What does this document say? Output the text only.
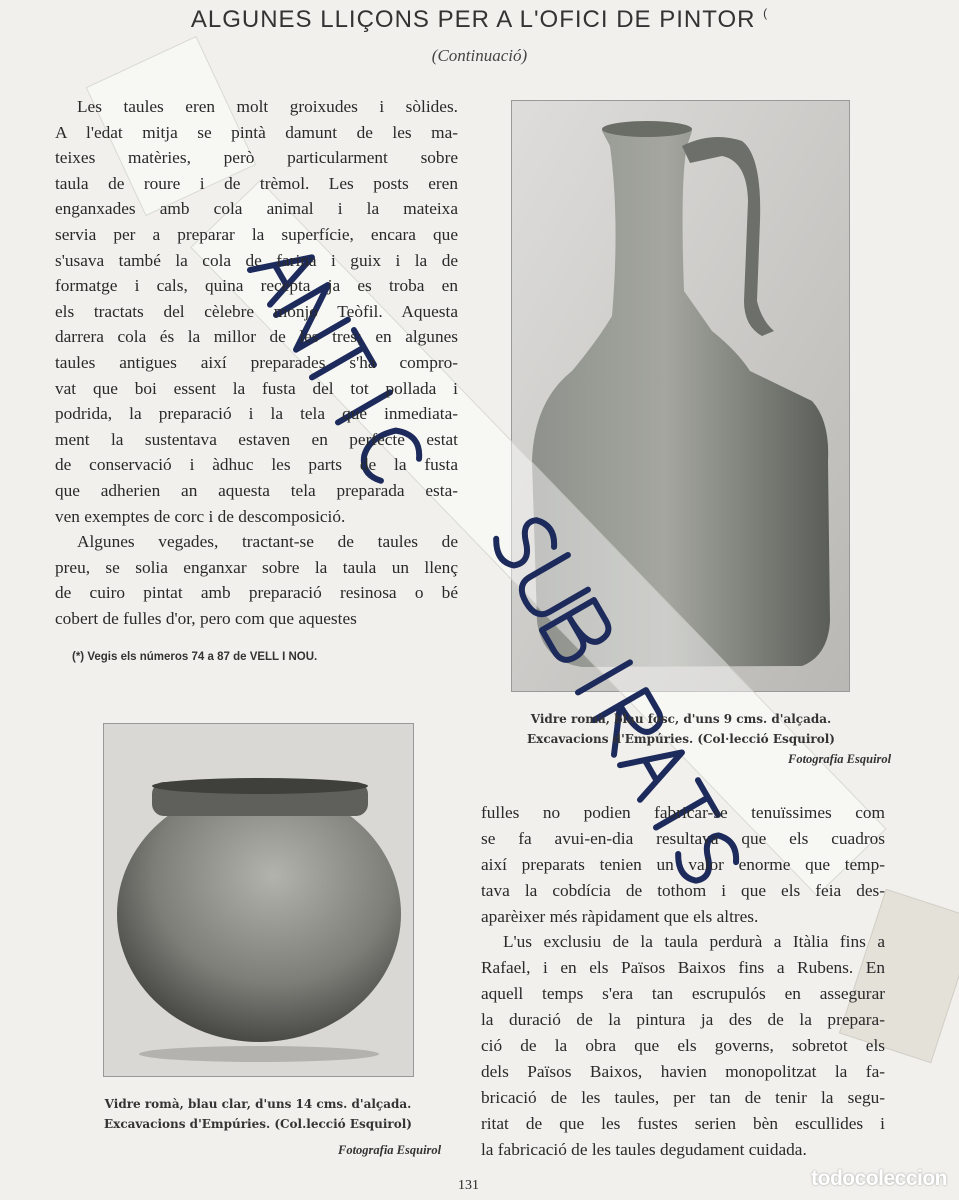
ALGUNES LLIÇONS PER A L'OFICI DE PINTOR (
(Continuació)
Les taules eren molt groixudes i sòlides.
A l'edat mitja se pintà damunt de les ma-
teixes matèries, però particularment sobre
taula de roure i de trèmol. Les posts eren
enganxades amb cola animal i la mateixa
servia per a preparar la superfície, encara que
s'usava també la cola de farina i guix i la de
formatge i cals, quina recepta ja es troba en
els tractats del cèlebre monjo Teòfil. Aquesta
darrera cola és la millor de les tres; en algunes
taules antigues així preparades s'ha compro-
vat que boi essent la fusta del tot pollada i
podrida, la preparació i la tela que inmediata-
ment la sustentava estaven en perfecte estat
de conservació i àdhuc les parts de la fusta
que adherien an aquesta tela preparada esta-
ven exemptes de corc i de descomposició.
Algunes vegades, tractant-se de taules de
preu, se solia enganxar sobre la taula un llenç
de cuiro pintat amb preparació resinosa o bé
cobert de fulles d'or, pero com que aquestes
(*) Vegis els números 74 a 87 de VELL I NOU.
Vidre romà, blau fosc, d'uns 9 cms. d'alçada.
Excavacions d'Empúries. (Col·lecció Esquirol)
Fotografia Esquirol
Vidre romà, blau clar, d'uns 14 cms. d'alçada.
Excavacions d'Empúries. (Col.lecció Esquirol)
Fotografia Esquirol
fulles no podien fabricar-se tenuïssimes com
se fa avui-en-dia resultava que els cuadros
així preparats tenien un valor enorme que temp-
tava la cobdícia de tothom i que els feia des-
aparèixer més ràpidament que els altres.
L'us exclusiu de la taula perdurà a Itàlia fins a
Rafael, i en els Països Baixos fins a Rubens. En
aquell temps s'era tan escrupulós en assegurar
la duració de la pintura ja des de la prepara-
ció de la obra que els governs, sobretot els
dels Països Baixos, havien monopolitzat la fa-
bricació de les taules, per tan de tenir la segu-
ritat de que les fustes serien bèn escullides i
la fabricació de les taules degudament cuidada.
131	todocoleccion
